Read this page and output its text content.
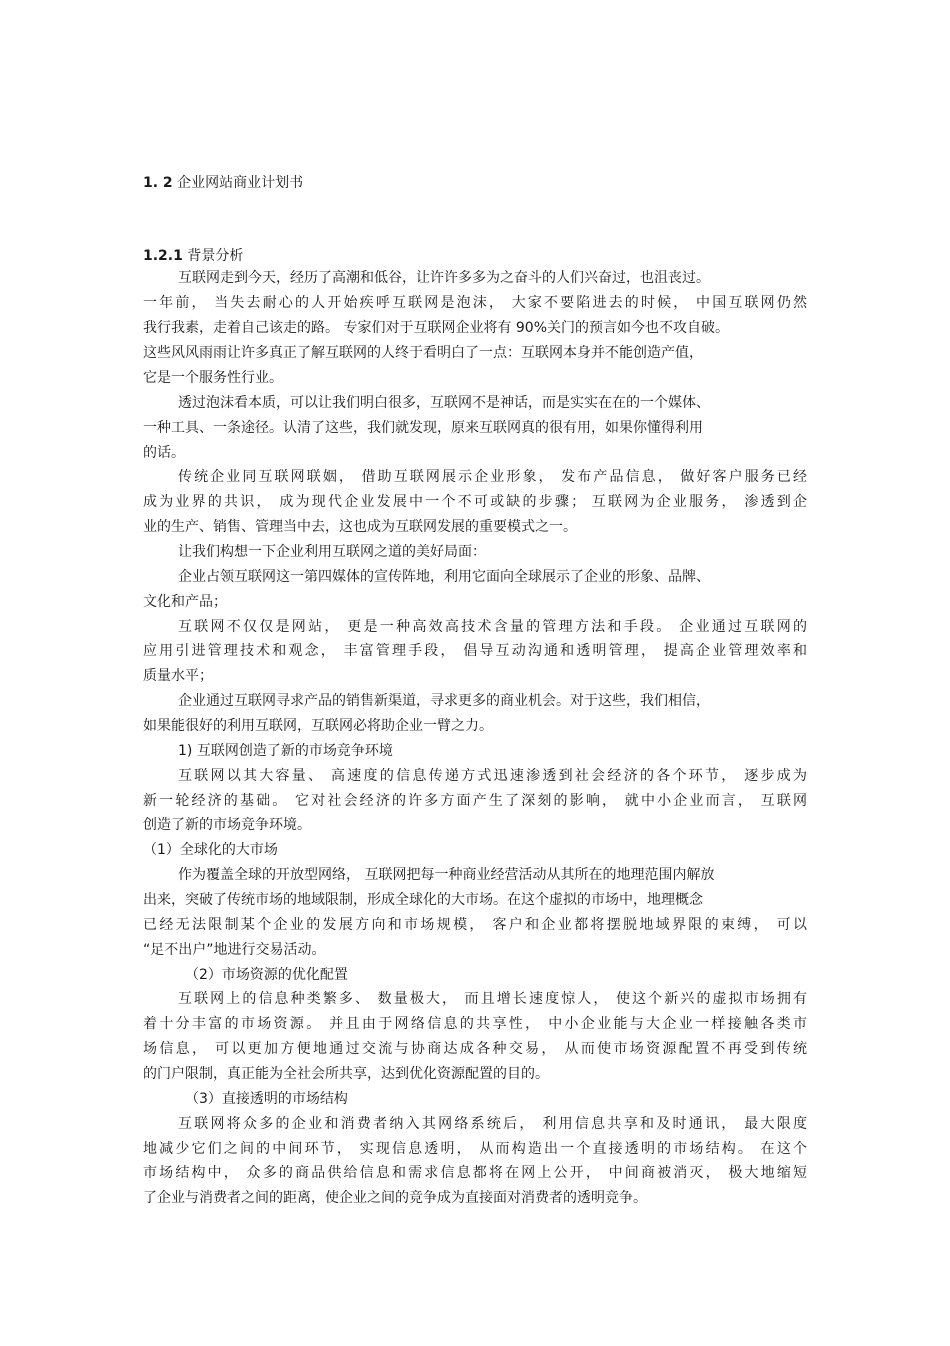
1. 2 企业网站商业计划书
1.2.1 背景分析
互联网走到今天，经历了高潮和低谷，让许许多多为之奋斗的人们兴奋过，也沮丧过。
一年前， 当失去耐心的人开始疾呼互联网是泡沫， 大家不要陷进去的时候， 中国互联网仍然
我行我素，走着自己该走的路。 专家们对于互联网企业将有 90%关门的预言如今也不攻自破。
这些风风雨雨让许多真正了解互联网的人终于看明白了一点：互联网本身并不能创造产值，
它是一个服务性行业。
透过泡沫看本质，可以让我们明白很多，互联网不是神话，而是实实在在的一个媒体、
一种工具、一条途径。认清了这些，我们就发现，原来互联网真的很有用，如果你懂得利用
的话。
传统企业同互联网联姻， 借助互联网展示企业形象， 发布产品信息， 做好客户服务已经
成为业界的共识， 成为现代企业发展中一个不可或缺的步骤； 互联网为企业服务， 渗透到企
业的生产、销售、管理当中去，这也成为互联网发展的重要模式之一。
让我们构想一下企业利用互联网之道的美好局面：
企业占领互联网这一第四媒体的宣传阵地，利用它面向全球展示了企业的形象、品牌、
文化和产品；
互联网不仅仅是网站， 更是一种高效高技术含量的管理方法和手段。 企业通过互联网的
应用引进管理技术和观念， 丰富管理手段， 倡导互动沟通和透明管理， 提高企业管理效率和
质量水平；
企业通过互联网寻求产品的销售新渠道，寻求更多的商业机会。对于这些，我们相信，
如果能很好的利用互联网，互联网必将助企业一臂之力。
1) 互联网创造了新的市场竞争环境
互联网以其大容量、 高速度的信息传递方式迅速渗透到社会经济的各个环节， 逐步成为
新一轮经济的基础。 它对社会经济的许多方面产生了深刻的影响， 就中小企业而言， 互联网
创造了新的市场竞争环境。
（1）全球化的大市场
作为覆盖全球的开放型网络， 互联网把每一种商业经营活动从其所在的地理范围内解放
出来，突破了传统市场的地域限制，形成全球化的大市场。在这个虚拟的市场中，地理概念
已经无法限制某个企业的发展方向和市场规模， 客户和企业都将摆脱地域界限的束缚， 可以
“足不出户”地进行交易活动。
（2）市场资源的优化配置
互联网上的信息种类繁多、 数量极大， 而且增长速度惊人， 使这个新兴的虚拟市场拥有
着十分丰富的市场资源。 并且由于网络信息的共享性， 中小企业能与大企业一样接触各类市
场信息， 可以更加方便地通过交流与协商达成各种交易， 从而使市场资源配置不再受到传统
的门户限制，真正能为全社会所共享，达到优化资源配置的目的。
（3）直接透明的市场结构
互联网将众多的企业和消费者纳入其网络系统后， 利用信息共享和及时通讯， 最大限度
地减少它们之间的中间环节， 实现信息透明， 从而构造出一个直接透明的市场结构。 在这个
市场结构中， 众多的商品供给信息和需求信息都将在网上公开， 中间商被消灭， 极大地缩短
了企业与消费者之间的距离，使企业之间的竞争成为直接面对消费者的透明竞争。
